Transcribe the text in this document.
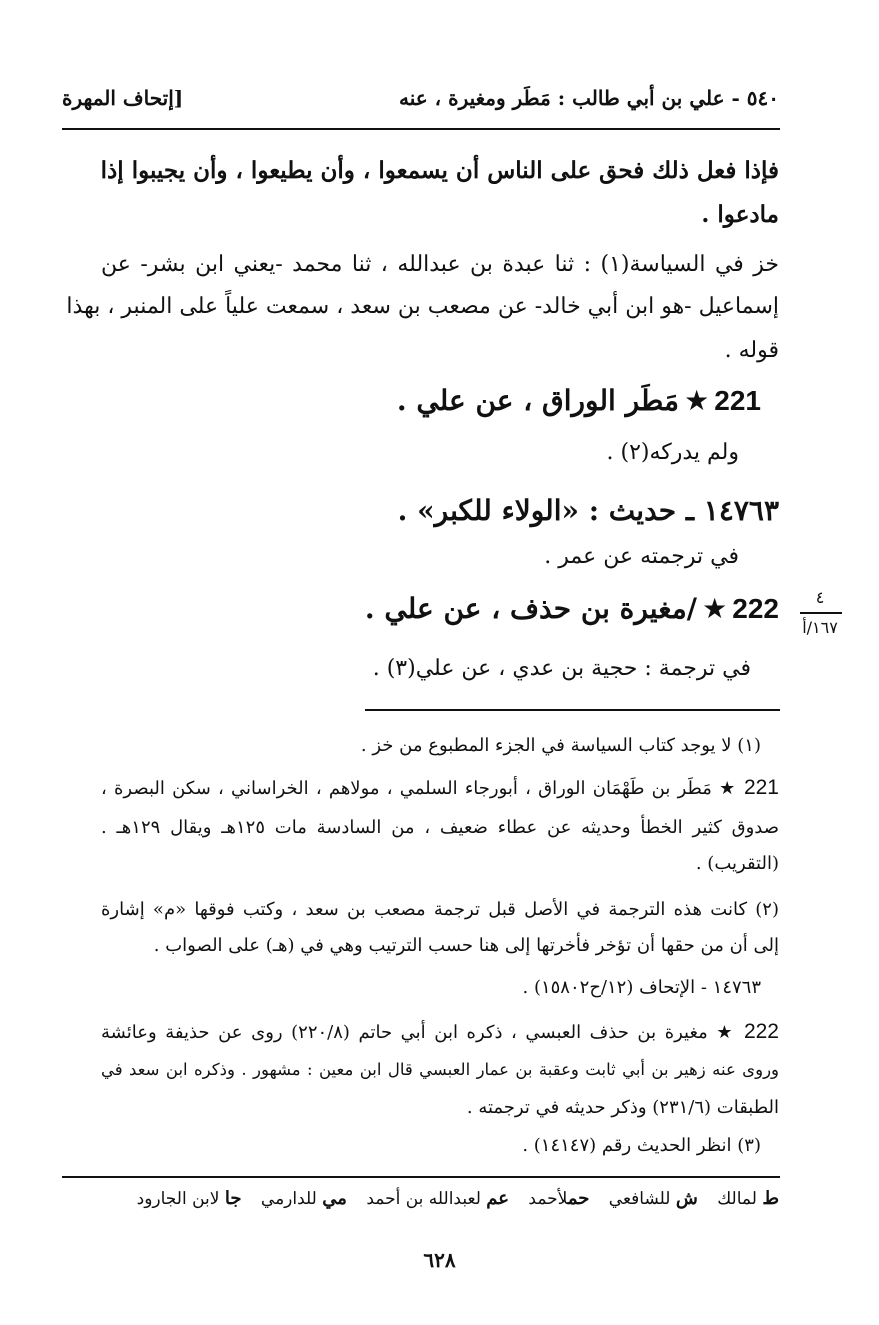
٥٤٠ - علي بن أبي طالب : مَطَر ومغيرة ، عنه
[إتحاف المهرة
فإذا فعل ذلك فحق على الناس أن يسمعوا ، وأن يطيعوا ، وأن يجيبوا إذا
مادعوا .
خز في السياسة(١) : ثنا عبدة بن عبدالله ، ثنا محمد -يعني ابن بشر- عن
إسماعيل -هو ابن أبي خالد- عن مصعب بن سعد ، سمعت علياً على المنبر ، بهذا
قوله .
221 ★ مَطَر الوراق ، عن علي .
ولم يدركه(٢) .
١٤٧٦٣ ـ حديث : «الولاء للكبر» .
في ترجمته عن عمر .
222 ★ /مغيرة بن حذف ، عن علي .
في ترجمة : حجية بن عدي ، عن علي(٣) .
٤
١٦٧/أ
(١) لا يوجد كتاب السياسة في الجزء المطبوع من خز .
221 ★ مَطَر بن طَهْمَان الوراق ، أبورجاء السلمي ، مولاهم ، الخراساني ، سكن البصرة ،
صدوق كثير الخطأ وحديثه عن عطاء ضعيف ، من السادسة مات ١٢٥هـ ويقال ١٢٩هـ .
(التقريب) .
(٢) كانت هذه الترجمة في الأصل قبل ترجمة مصعب بن سعد ، وكتب فوقها «م» إشارة
إلى أن من حقها أن تؤخر فأخرتها إلى هنا حسب الترتيب وهي في (هـ) على الصواب .
١٤٧٦٣ - الإتحاف (١٢/ح١٥٨٠٢) .
222 ★ مغيرة بن حذف العبسي ، ذكره ابن أبي حاتم (٢٢٠/٨) روى عن حذيفة وعائشة
وروى عنه زهير بن أبي ثابت وعقبة بن عمار العبسي قال ابن معين : مشهور . وذكره ابن سعد في
الطبقات (٢٣١/٦) وذكر حديثه في ترجمته .
(٣) انظر الحديث رقم (١٤١٤٧) .
ط لمالك ش للشافعي حملأحمد عم لعبدالله بن أحمد مي للدارمي جا لابن الجارود
٦٢٨
